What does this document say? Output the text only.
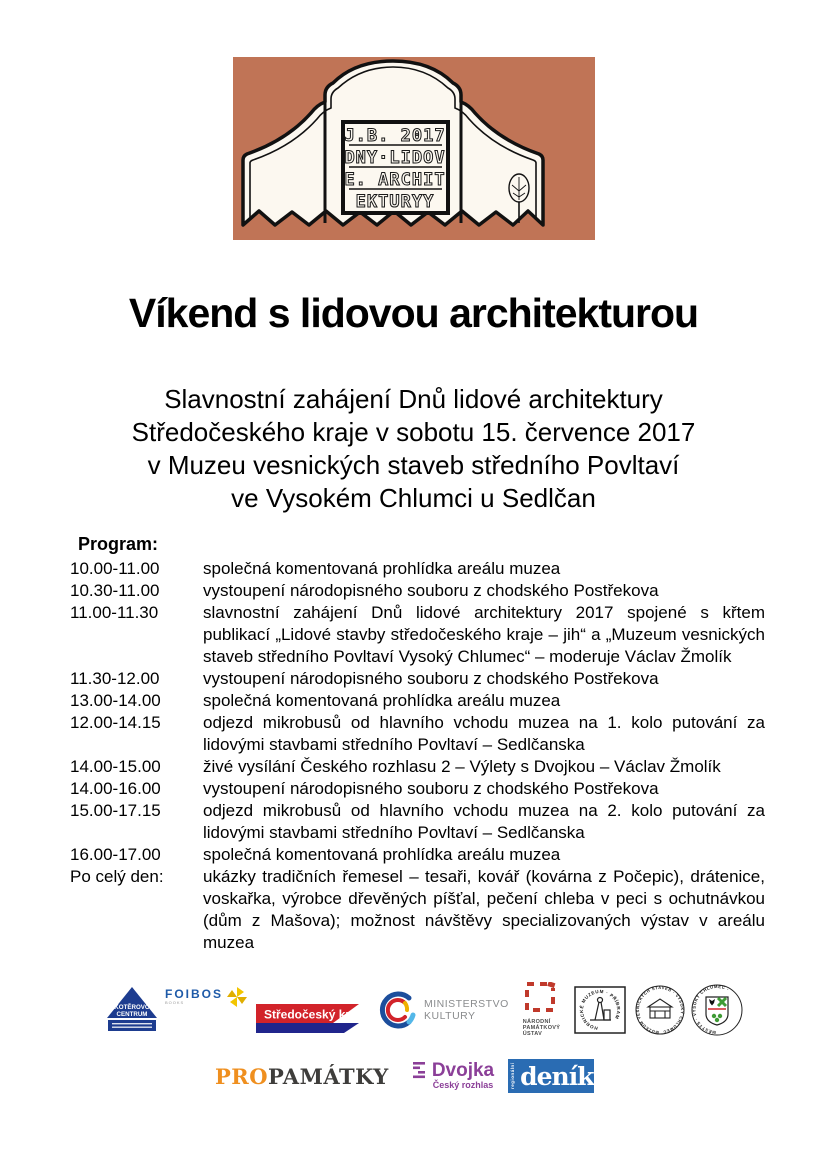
J.B. 2017
DNY·LIDOV
E. ARCHIT
EKTURYY
Víkend s lidovou architekturou
Slavnostní zahájení Dnů lidové architektury
Středočeského kraje v sobotu 15. července 2017
v Muzeu vesnických staveb středního Povltaví
ve Vysokém Chlumci u Sedlčan
Program:
10.00-11.00	společná komentovaná prohlídka areálu muzea
10.30-11.00	vystoupení národopisného souboru z chodského Postřekova
11.00-11.30	slavnostní zahájení Dnů lidové architektury 2017 spojené s křtem publikací „Lidové stavby středočeského kraje – jih“ a „Muzeum vesnických staveb středního Povltaví Vysoký Chlumec“ – moderuje Václav Žmolík
11.30-12.00	vystoupení národopisného souboru z chodského Postřekova
13.00-14.00	společná komentovaná prohlídka areálu muzea
12.00-14.15	odjezd mikrobusů od hlavního vchodu muzea na 1. kolo putování za lidovými stavbami středního Povltaví – Sedlčanska
14.00-15.00	živé vysílání Českého rozhlasu 2 – Výlety s Dvojkou – Václav Žmolík
14.00-16.00	vystoupení národopisného souboru z chodského Postřekova
15.00-17.15	odjezd mikrobusů od hlavního vchodu muzea na 2. kolo putování za lidovými stavbami středního Povltaví – Sedlčanska
16.00-17.00	společná komentovaná prohlídka areálu muzea
Po celý den:	ukázky tradičních řemesel – tesaři, kovář (kovárna z Počepic), drátenice, voskařka, výrobce dřevěných píšťal, pečení chleba v peci s ochutnávkou (dům z Mašova); možnost návštěvy specializovaných výstav v areálu muzea
KOTĚROVO
CENTRUM
FOIBOS
BOOKS
Středočeský kraj
MINISTERSTVO
KULTURY	NÁRODNÍ
PAMÁTKOVÝ
ÚSTAV
HORNICKÉ MUZEUM · PŘÍBRAM
MUZEUM VESNICKÝCH STAVEB · VYSOKÝ CHLUMEC	MĚSTYS · VYSOKÝ CHLUMEC ·
PROPAMÁTKY Dvojka
Český rozhlas	regionální deník
